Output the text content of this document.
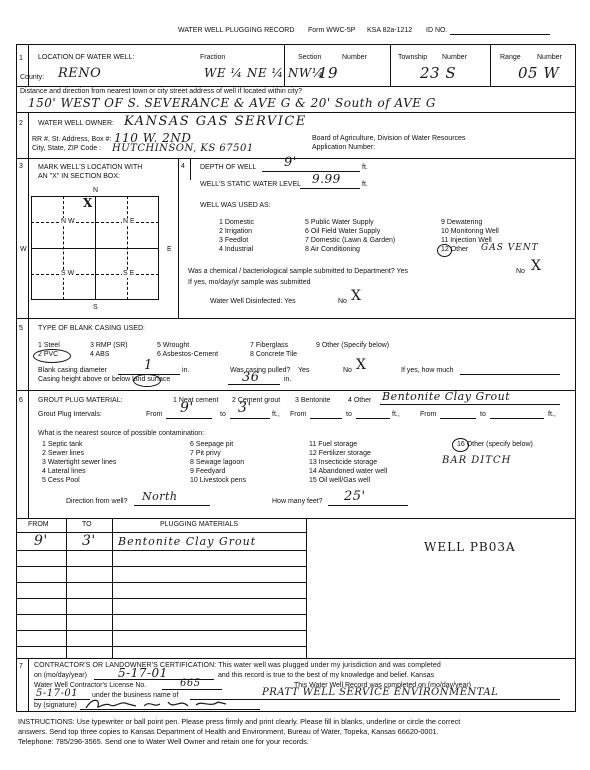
WATER WELL PLUGGING RECORD Form WWC-5P KSA 82a-1212 ID NO.
1 LOCATION OF WATER WELL:	Fraction	Section	Number	Township Number	Range Number
County: RENO	WE ¼ NE ¼ NW¼
19	23 S	05 W
Distance and direction from nearest town or city street address of well if located within city?
150' WEST OF S. SEVERANCE & AVE G & 20' South of AVE G
2 WATER WELL OWNER: KANSAS GAS SERVICE
RR #, St. Address, Box #: 110 W. 2ND
City, State, ZIP Code : HUTCHINSON, KS 67501
Board of Agriculture, Division of Water Resources
Application Number:
3 MARK WELL'S LOCATION WITH
AN "X" IN SECTION BOX:
N
S
W	E
N W	N E
S W	S E
X
4 DEPTH OF WELL 9'	ft.
WELL'S STATIC WATER LEVEL 9.99	ft.
WELL WAS USED AS:
1 Domestic
2 Irrigation
3 Feedlot
4 Industrial
5 Public Water Supply
6 Oil Field Water Supply
7 Domestic (Lawn & Garden)
8 Air Conditioning
9 Dewatering
10 Monitoring Well
11 Injection Well
12 Other GAS VENT
Was a chemical / bacteriological sample submitted to Department? Yes	No X
If yes, mo/day/yr sample was submitted
Water Well Disinfected: Yes	No X
5 TYPE OF BLANK CASING USED:
1 Steel
2 PVC
3 RMP (SR)
4 ABS
5 Wrought
6 Asbestos-Cement
7 Fiberglass
8 Concrete Tile
9 Other (Specify below)
Blank casing diameter	1	in.	Was casing pulled? Yes	No X	If yes, how much
Casing height above or below land surface	36	in.
6 GROUT PLUG MATERIAL:	1 Neat cement 2 Cement grout 3 Bentonite	4 Other Bentonite Clay Grout
Grout Plug Intervals:	From 9'	to 3'	ft., From	to	ft.,	From	to	ft.,
What is the nearest source of possible contamination:
1 Septic tank
2 Sewer lines
3 Watertight sewer lines
4 Lateral lines
5 Cess Pool
6 Seepage pit
7 Pit privy
8 Sewage lagoon
9 Feedyard
10 Livestock pens
11 Fuel storage
12 Fertilizer storage
13 Insecticide storage
14 Abandoned water well
15 Oil well/Gas well
16 Other (specify below)
BAR DITCH
Direction from well? North	How many feet? 25'
FROM	TO	PLUGGING MATERIALS
9' 3' Bentonite Clay Grout	WELL PB03A
7 CONTRACTOR'S OR LANDOWNER'S CERTIFICATION: This water well was plugged under my jurisdiction and was completed
on (mo/day/year)	5-17-01	and this record is true to the best of my knowledge and belief. Kansas
Water Well Contractor's License No.	665	This Water Well Record was completed on (mo/day/year)
5-17-01 under the business name of	PRATT WELL SERVICE ENVIRONMENTAL
by (signature)
INSTRUCTIONS: Use typewriter or ball point pen. Please press firmly and print clearly. Please fill in blanks, underline or circle the correct
answers. Send top three copies to Kansas Department of Health and Environment, Bureau of Water, Topeka, Kansas 66620-0001.
Telephone: 785/296-3565. Send one to Water Well Owner and retain one for your records.
